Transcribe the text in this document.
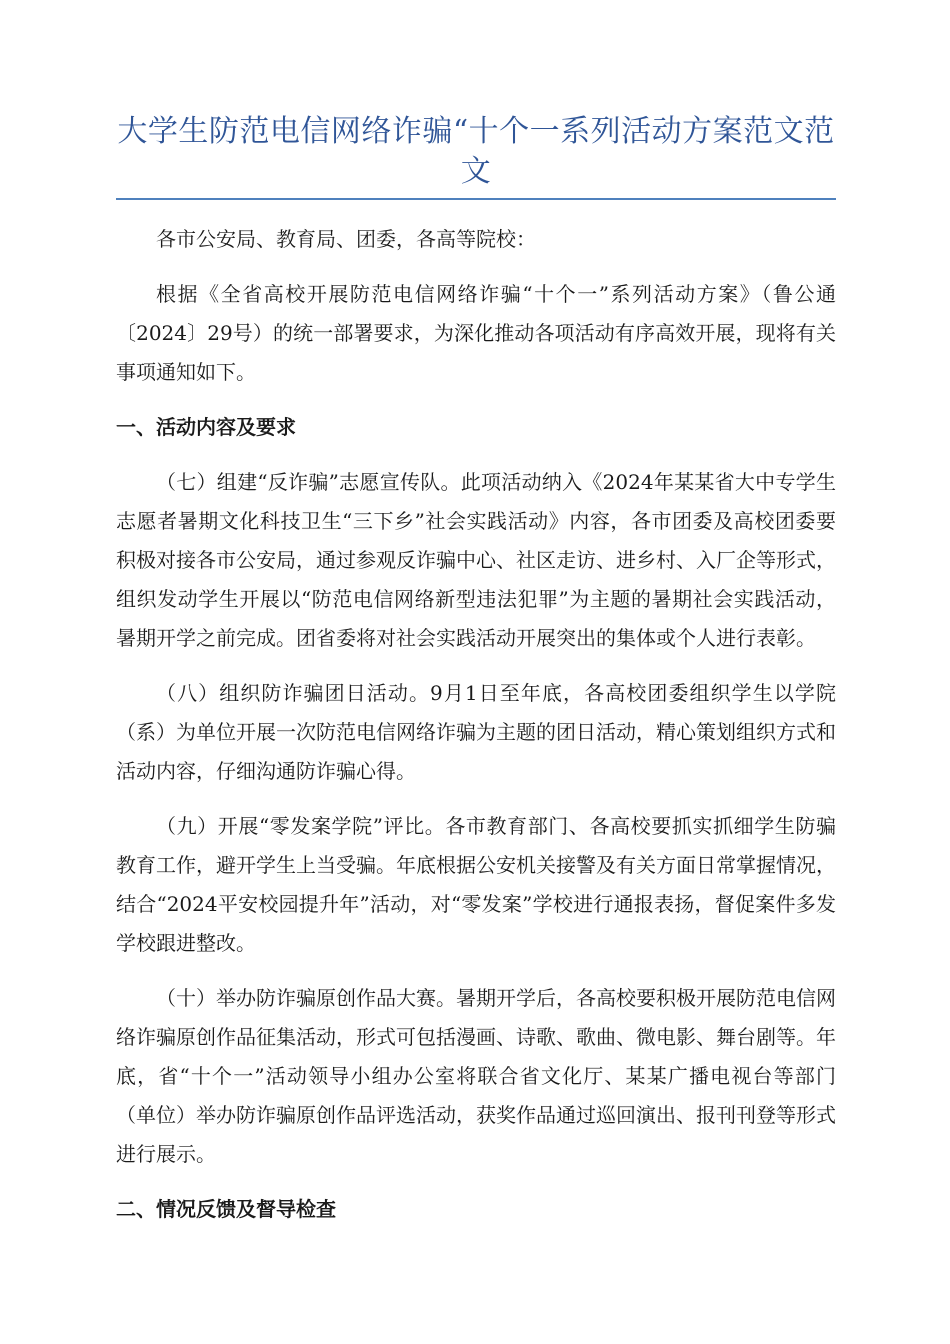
大学生防范电信网络诈骗“十个一系列活动方案范文范文

各市公安局、教育局、团委，各高等院校：

根据《全省高校开展防范电信网络诈骗“十个一”系列活动方案》（鲁公通〔2024〕29号）的统一部署要求，为深化推动各项活动有序高效开展，现将有关事项通知如下。

一、活动内容及要求

（七）组建“反诈骗”志愿宣传队。此项活动纳入《2024年某某省大中专学生志愿者暑期文化科技卫生“三下乡”社会实践活动》内容，各市团委及高校团委要积极对接各市公安局，通过参观反诈骗中心、社区走访、进乡村、入厂企等形式，组织发动学生开展以“防范电信网络新型违法犯罪”为主题的暑期社会实践活动，暑期开学之前完成。团省委将对社会实践活动开展突出的集体或个人进行表彰。

（八）组织防诈骗团日活动。9月1日至年底，各高校团委组织学生以学院（系）为单位开展一次防范电信网络诈骗为主题的团日活动，精心策划组织方式和活动内容，仔细沟通防诈骗心得。

（九）开展“零发案学院”评比。各市教育部门、各高校要抓实抓细学生防骗教育工作，避开学生上当受骗。年底根据公安机关接警及有关方面日常掌握情况，结合“2024平安校园提升年”活动，对“零发案”学校进行通报表扬，督促案件多发学校跟进整改。

（十）举办防诈骗原创作品大赛。暑期开学后，各高校要积极开展防范电信网络诈骗原创作品征集活动，形式可包括漫画、诗歌、歌曲、微电影、舞台剧等。年底，省“十个一”活动领导小组办公室将联合省文化厅、某某广播电视台等部门（单位）举办防诈骗原创作品评选活动，获奖作品通过巡回演出、报刊刊登等形式进行展示。

二、情况反馈及督导检查
